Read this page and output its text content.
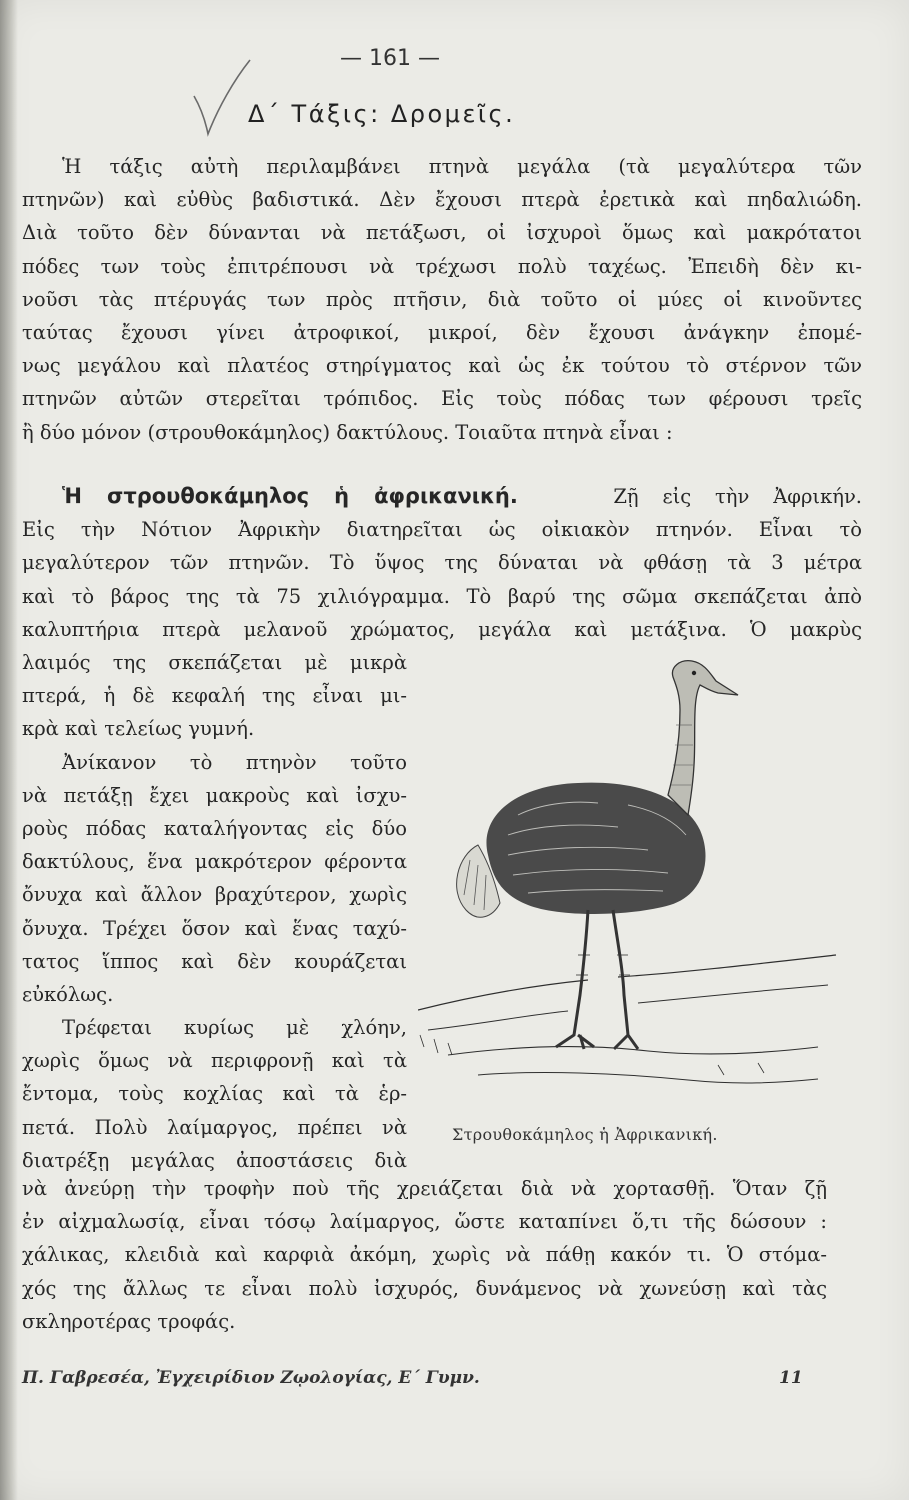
— 161 —
Δ΄ Τάξις: Δρομεῖς.
Ἡ τάξις αὐτὴ περιλαμβάνει πτηνὰ μεγάλα (τὰ μεγαλύτερα τῶν
πτηνῶν) καὶ εὐθὺς βαδιστικά. Δὲν ἔχουσι πτερὰ ἐρετικὰ καὶ πηδαλιώδη.
Διὰ τοῦτο δὲν δύνανται νὰ πετάξωσι, οἱ ἰσχυροὶ ὅμως καὶ μακρότατοι
πόδες των τοὺς ἐπιτρέπουσι νὰ τρέχωσι πολὺ ταχέως. Ἐπειδὴ δὲν κι-
νοῦσι τὰς πτέρυγάς των πρὸς πτῆσιν, διὰ τοῦτο οἱ μύες οἱ κινοῦντες
ταύτας ἔχουσι γίνει ἀτροφικοί, μικροί, δὲν ἔχουσι ἀνάγκην ἐπομέ-
νως μεγάλου καὶ πλατέος στηρίγματος καὶ ὡς ἐκ τούτου τὸ στέρνον τῶν
πτηνῶν αὐτῶν στερεῖται τρόπιδος. Εἰς τοὺς πόδας των φέρουσι τρεῖς
ἢ δύο μόνον (στρουθοκάμηλος) δακτύλους. Τοιαῦτα πτηνὰ εἶναι :
Ἡ στρουθοκάμηλος ἡ ἀφρικανική.	Ζῇ εἰς τὴν Ἀφρικήν.
Εἰς τὴν Νότιον Ἀφρικὴν διατηρεῖται ὡς οἰκιακὸν πτηνόν. Εἶναι τὸ
μεγαλύτερον τῶν πτηνῶν. Τὸ ὕψος της δύναται νὰ φθάσῃ τὰ 3 μέτρα
καὶ τὸ βάρος της τὰ 75 χιλιόγραμμα. Τὸ βαρύ της σῶμα σκεπάζεται ἀπὸ
καλυπτήρια πτερὰ μελανοῦ χρώματος, μεγάλα καὶ μετάξινα. Ὁ μακρὺς
λαιμός της σκεπάζεται μὲ μικρὰ
πτερά, ἡ δὲ κεφαλή της εἶναι μι-
κρὰ καὶ τελείως γυμνή.
Ἀνίκανον τὸ πτηνὸν τοῦτο
νὰ πετάξῃ ἔχει μακροὺς καὶ ἰσχυ-
ροὺς πόδας καταλήγοντας εἰς δύο
δακτύλους, ἕνα μακρότερον φέροντα
ὄνυχα καὶ ἄλλον βραχύτερον, χωρὶς
ὄνυχα. Τρέχει ὅσον καὶ ἕνας ταχύ-
τατος ἵππος καὶ δὲν κουράζεται
εὐκόλως.
Τρέφεται κυρίως μὲ χλόην,
χωρὶς ὅμως νὰ περιφρονῇ καὶ τὰ
ἔντομα, τοὺς κοχλίας καὶ τὰ ἑρ-
πετά. Πολὺ λαίμαργος, πρέπει νὰ
διατρέξῃ μεγάλας ἀποστάσεις διὰ
Στρουθοκάμηλος ἡ Ἀφρικανική.
νὰ ἀνεύρῃ τὴν τροφὴν ποὺ τῆς χρειάζεται διὰ νὰ χορτασθῇ. Ὅταν ζῇ
ἐν αἰχμαλωσίᾳ, εἶναι τόσῳ λαίμαργος, ὥστε καταπίνει ὅ,τι τῆς δώσουν :
χάλικας, κλειδιὰ καὶ καρφιὰ ἀκόμη, χωρὶς νὰ πάθῃ κακόν τι. Ὁ στόμα-
χός της ἄλλως τε εἶναι πολὺ ἰσχυρός, δυνάμενος νὰ χωνεύσῃ καὶ τὰς
σκληροτέρας τροφάς.
Π. Γαβρεσέα, Ἐγχειρίδιον Ζῳολογίας, Ε΄ Γυμν.	11
